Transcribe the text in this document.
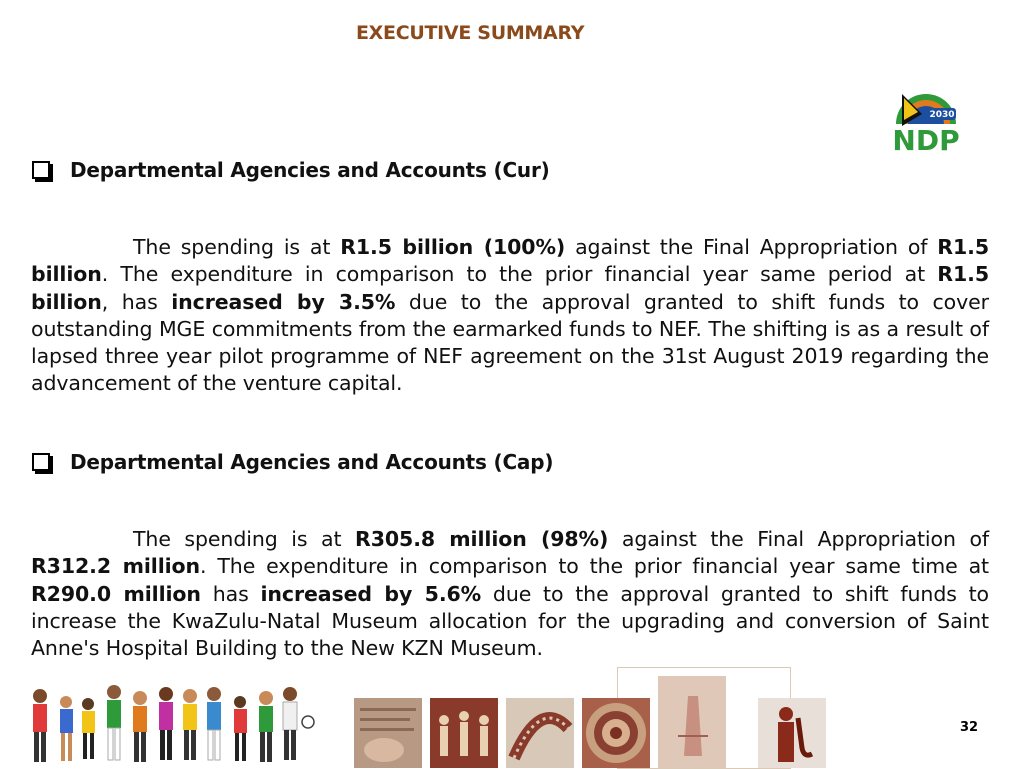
EXECUTIVE SUMMARY
2030
NDP
Departmental Agencies and Accounts (Cur)
The spending is at R1.5 billion (100%) against the Final Appropriation of R1.5 billion. The expenditure in comparison to the prior financial year same period at R1.5 billion, has increased by 3.5% due to the approval granted to shift funds to cover outstanding MGE commitments from the earmarked funds to NEF. The shifting is as a result of lapsed three year pilot programme of NEF agreement on the 31st August 2019 regarding the advancement of the venture capital.
Departmental Agencies and Accounts (Cap)
The spending is at R305.8 million (98%) against the Final Appropriation of R312.2 million. The expenditure in comparison to the prior financial year same time at R290.0 million has increased by 5.6% due to the approval granted to shift funds to increase the KwaZulu-Natal Museum allocation for the upgrading and conversion of Saint Anne's Hospital Building to the New KZN Museum.
32
